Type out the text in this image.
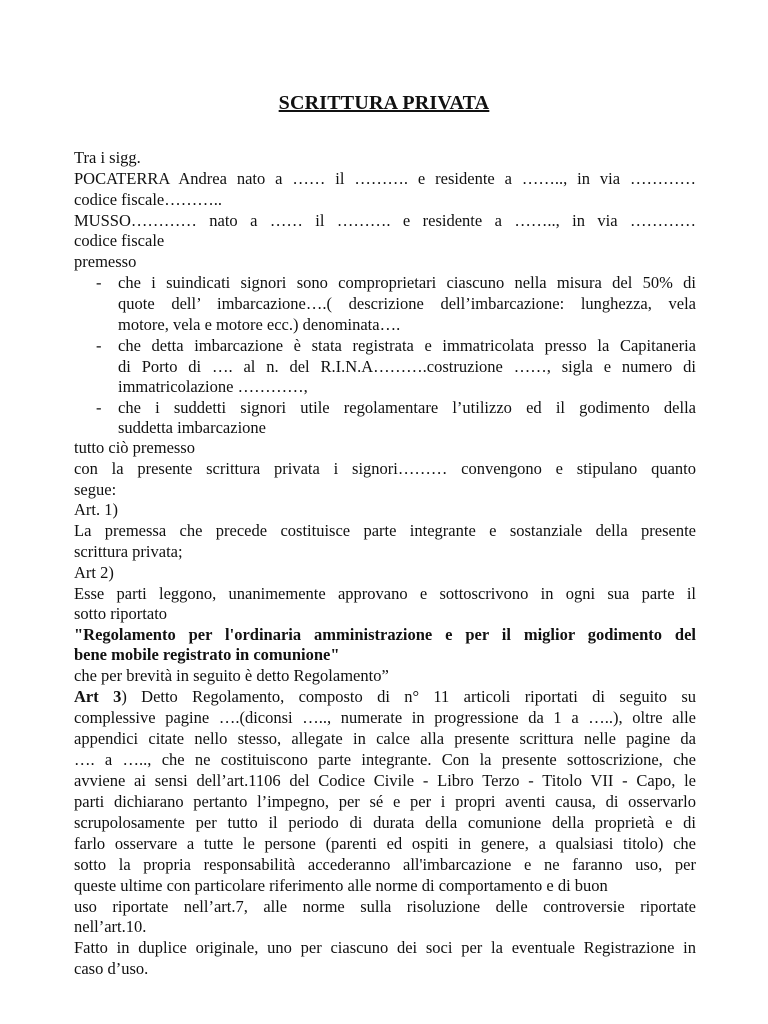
SCRITTURA PRIVATA
Tra i sigg.
POCATERRA Andrea nato a …… il ………. e residente a …….., in via …………
codice fiscale………..
MUSSO………… nato a …… il ………. e residente a …….., in via …………
codice fiscale
premesso
-	che i suindicati signori sono comproprietari ciascuno nella misura del 50% di
quote dell’ imbarcazione….( descrizione dell’imbarcazione: lunghezza, vela
motore, vela e motore ecc.) denominata….
-	che detta imbarcazione è stata registrata e immatricolata presso la Capitaneria
di Porto di …. al n. del R.I.N.A……….costruzione ……, sigla e numero di
immatricolazione …………,
-	che i suddetti signori utile regolamentare l’utilizzo ed il godimento della
suddetta imbarcazione
tutto ciò premesso
con la presente scrittura privata i signori……… convengono e stipulano quanto
segue:
Art. 1)
La premessa che precede costituisce parte integrante e sostanziale della presente
scrittura privata;
Art 2)
Esse parti leggono, unanimemente approvano e sottoscrivono in ogni sua parte il
sotto riportato
"Regolamento per l'ordinaria amministrazione e per il miglior godimento del
bene mobile registrato in comunione"
che per brevità in seguito è detto Regolamento”
Art 3) Detto Regolamento, composto di n° 11 articoli riportati di seguito su
complessive pagine ….(diconsi ….., numerate in progressione da 1 a …..), oltre alle
appendici citate nello stesso, allegate in calce alla presente scrittura nelle pagine da
…. a ….., che ne costituiscono parte integrante. Con la presente sottoscrizione, che
avviene ai sensi dell’art.1106 del Codice Civile - Libro Terzo - Titolo VII - Capo, le
parti dichiarano pertanto l’impegno, per sé e per i propri aventi causa, di osservarlo
scrupolosamente per tutto il periodo di durata della comunione della proprietà e di
farlo osservare a tutte le persone (parenti ed ospiti in genere, a qualsiasi titolo) che
sotto la propria responsabilità accederanno all'imbarcazione e ne faranno uso, per
queste ultime con particolare riferimento alle norme di comportamento e di buon
uso riportate nell’art.7, alle norme sulla risoluzione delle controversie riportate
nell’art.10.
Fatto in duplice originale, uno per ciascuno dei soci per la eventuale Registrazione in
caso d’uso.
